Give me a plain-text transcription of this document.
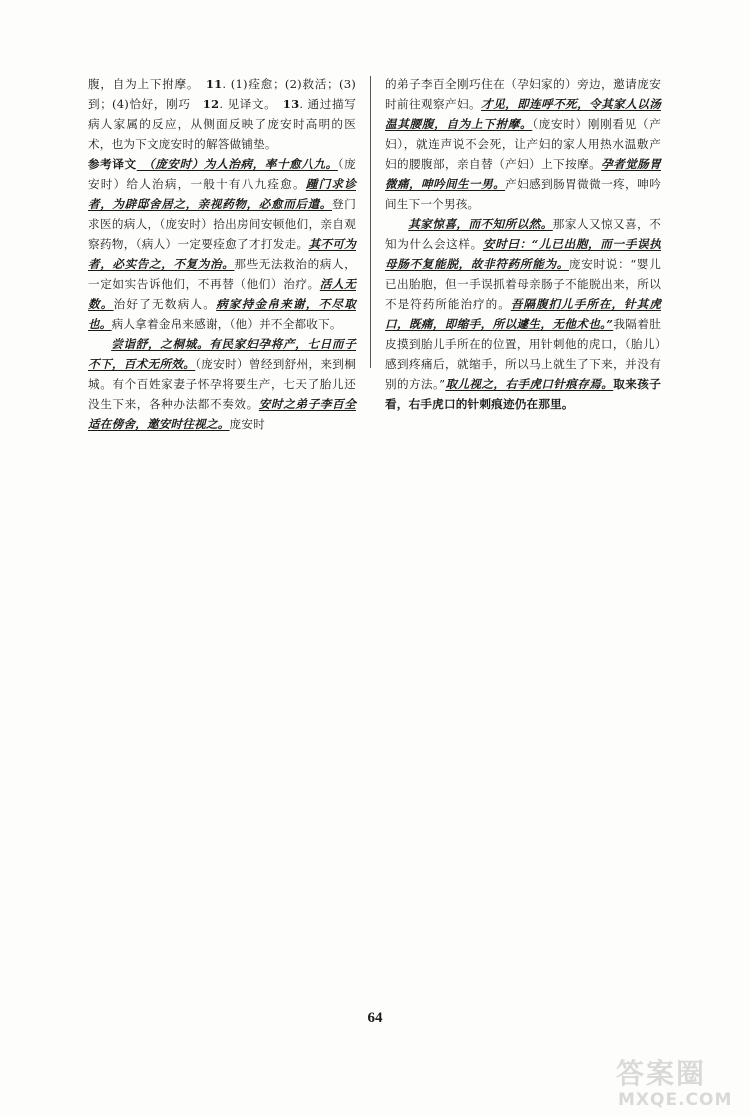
腹，自为上下拊摩。　11. (1)痊愈；(2)救活；(3)到；(4)恰好，刚巧　12. 见译文。　13. 通过描写病人家属的反应，从侧面反映了庞安时高明的医术，也为下文庞安时的解答做铺垫。

参考译文　（庞安时）为人治病，率十愈八九。（庞安时）给人治病，一般十有八九痊愈。踵门求诊者，为辟邸舍居之，亲视药物，必愈而后遣。登门求医的病人，（庞安时）拾出房间安顿他们，亲自观察药物，（病人）一定要痊愈了才打发走。其不可为者，必实告之，不复为治。那些无法救治的病人，一定如实告诉他们，不再替（他们）治疗。活人无数。治好了无数病人。病家持金帛来谢，不尽取也。病人拿着金帛来感谢，（他）并不全都收下。

尝诣舒，之桐城。有民家妇孕将产，七日而子不下，百术无所效。（庞安时）曾经到舒州，来到桐城。有个百姓家妻子怀孕将要生产，七天了胎儿还没生下来，各种办法都不奏效。安时之弟子李百全适在傍舍，邀安时往视之。庞安时

的弟子李百全刚巧住在（孕妇家的）旁边，邀请庞安时前往观察产妇。才见，即连呼不死，令其家人以汤温其腰腹，自为上下拊摩。（庞安时）刚刚看见（产妇），就连声说不会死，让产妇的家人用热水温敷产妇的腰腹部，亲自替（产妇）上下按摩。孕者觉肠胃微痛，呻吟间生一男。产妇感到肠胃微微一疼，呻吟间生下一个男孩。

其家惊喜，而不知所以然。那家人又惊又喜，不知为什么会这样。安时曰：“儿已出胞，而一手误执母肠不复能脱，故非符药所能为。庞安时说：“婴儿已出胎胞，但一手误抓着母亲肠子不能脱出来，所以不是符药所能治疗的。吾隔腹扪儿手所在，针其虎口，既痛，即缩手，所以遽生，无他术也。”我隔着肚皮摸到胎儿手所在的位置，用针刺他的虎口，（胎儿）感到疼痛后，就缩手，所以马上就生了下来，并没有别的方法。”取儿视之，右手虎口针痕存焉。取来孩子看，右手虎口的针刺痕迹仍在那里。

64
答案圈
MXQE.COM
